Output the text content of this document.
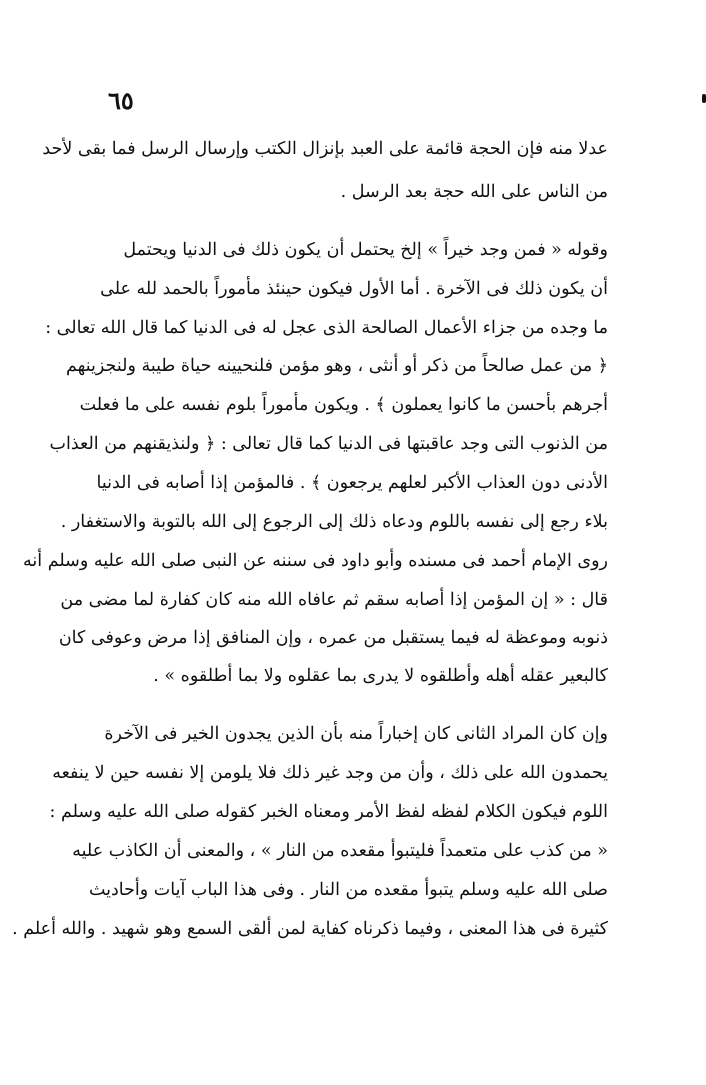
٦٥
عدلا منه فإن الحجة قائمة على العبد بإنزال الكتب وإرسال الرسل فما بقى لأحد
من الناس على الله حجة بعد الرسل .
وقوله « فمن وجد خيراً » إلخ يحتمل أن يكون ذلك فى الدنيا ويحتمل
أن يكون ذلك فى الآخرة . أما الأول فيكون حينئذ مأموراً بالحمد لله على
ما وجده من جزاء الأعمال الصالحة الذى عجل له فى الدنيا كما قال الله تعالى :
﴿ من عمل صالحاً من ذكر أو أنثى ، وهو مؤمن فلنحيينه حياة طيبة ولنجزينهم
أجرهم بأحسن ما كانوا يعملون ﴾ . ويكون مأموراً بلوم نفسه على ما فعلت
من الذنوب التى وجد عاقبتها فى الدنيا كما قال تعالى : ﴿ ولنذيقنهم من العذاب
الأدنى دون العذاب الأكبر لعلهم يرجعون ﴾ . فالمؤمن إذا أصابه فى الدنيا
بلاء رجع إلى نفسه باللوم ودعاه ذلك إلى الرجوع إلى الله بالتوبة والاستغفار .
روى الإمام أحمد فى مسنده وأبو داود فى سننه عن النبى صلى الله عليه وسلم أنه
قال : « إن المؤمن إذا أصابه سقم ثم عافاه الله منه كان كفارة لما مضى من
ذنوبه وموعظة له فيما يستقبل من عمره ، وإن المنافق إذا مرض وعوفى كان
كالبعير عقله أهله وأطلقوه لا يدرى بما عقلوه ولا بما أطلقوه » .
وإن كان المراد الثانى كان إخباراً منه بأن الذين يجدون الخير فى الآخرة
يحمدون الله على ذلك ، وأن من وجد غير ذلك فلا يلومن إلا نفسه حين لا ينفعه
اللوم فيكون الكلام لفظه لفظ الأمر ومعناه الخبر كقوله صلى الله عليه وسلم :
« من كذب على متعمداً فليتبوأ مقعده من النار » ، والمعنى أن الكاذب عليه
صلى الله عليه وسلم يتبوأ مقعده من النار . وفى هذا الباب آيات وأحاديث
كثيرة فى هذا المعنى ، وفيما ذكرناه كفاية لمن ألقى السمع وهو شهيد . والله أعلم .
